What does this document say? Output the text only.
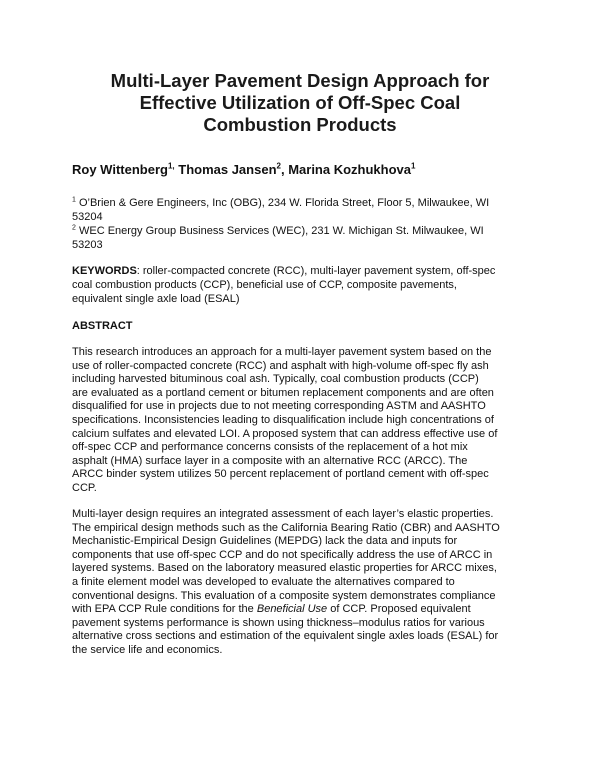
Multi-Layer Pavement Design Approach for
Effective Utilization of Off-Spec Coal
Combustion Products
Roy Wittenberg$^{1,}$ Thomas Jansen$^2$, Marina Kozhukhova$^1$
$^1$ O’Brien & Gere Engineers, Inc (OBG), 234 W. Florida Street, Floor 5, Milwaukee, WI
53204
$^2$ WEC Energy Group Business Services (WEC), 231 W. Michigan St. Milwaukee, WI
53203
KEYWORDS: roller-compacted concrete (RCC), multi-layer pavement system, off-spec
coal combustion products (CCP), beneficial use of CCP, composite pavements,
equivalent single axle load (ESAL)
ABSTRACT
This research introduces an approach for a multi-layer pavement system based on the
use of roller-compacted concrete (RCC) and asphalt with high-volume off-spec fly ash
including harvested bituminous coal ash. Typically, coal combustion products (CCP)
are evaluated as a portland cement or bitumen replacement components and are often
disqualified for use in projects due to not meeting corresponding ASTM and AASHTO
specifications. Inconsistencies leading to disqualification include high concentrations of
calcium sulfates and elevated LOI. A proposed system that can address effective use of
off-spec CCP and performance concerns consists of the replacement of a hot mix
asphalt (HMA) surface layer in a composite with an alternative RCC (ARCC). The
ARCC binder system utilizes 50 percent replacement of portland cement with off-spec
CCP.
Multi-layer design requires an integrated assessment of each layer’s elastic properties.
The empirical design methods such as the California Bearing Ratio (CBR) and AASHTO
Mechanistic-Empirical Design Guidelines (MEPDG) lack the data and inputs for
components that use off-spec CCP and do not specifically address the use of ARCC in
layered systems. Based on the laboratory measured elastic properties for ARCC mixes,
a finite element model was developed to evaluate the alternatives compared to
conventional designs. This evaluation of a composite system demonstrates compliance
with EPA CCP Rule conditions for the Beneficial Use of CCP. Proposed equivalent
pavement systems performance is shown using thickness–modulus ratios for various
alternative cross sections and estimation of the equivalent single axles loads (ESAL) for
the service life and economics.
